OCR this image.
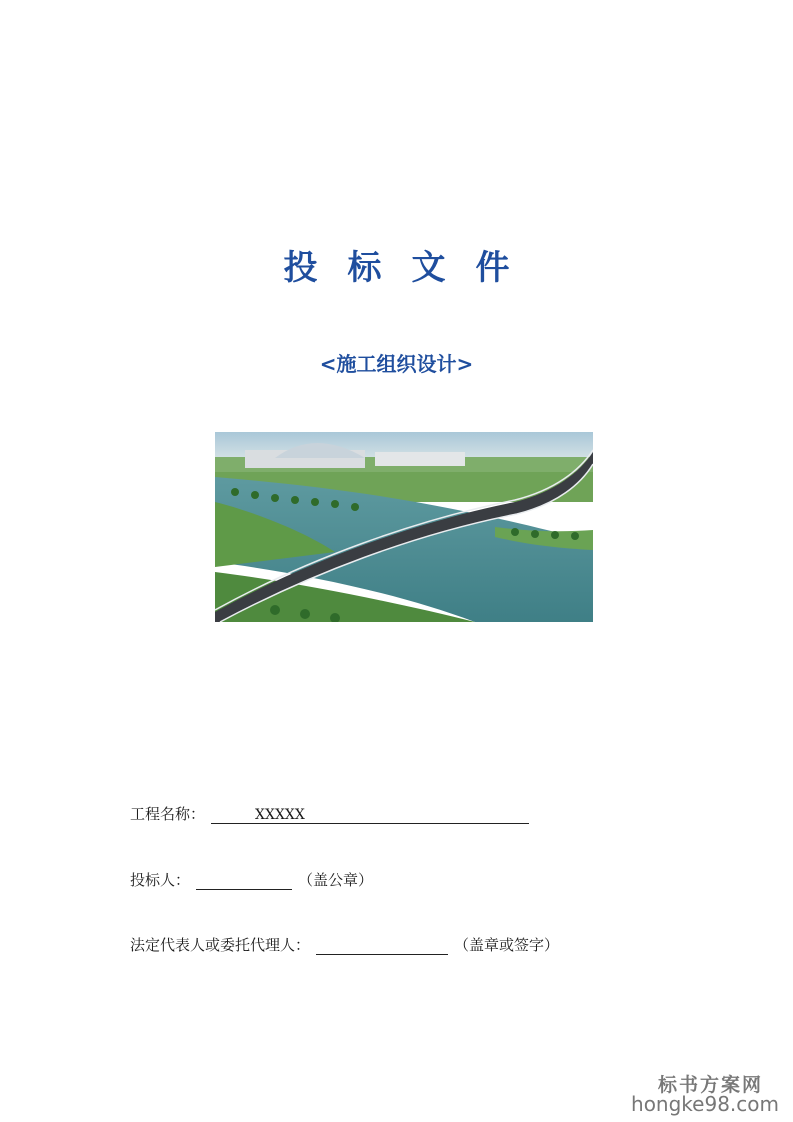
投标文件
<施工组织设计>
工程名称：	XXXXX
投标人：	（盖公章）
法定代表人或委托代理人：	（盖章或签字）
标书方案网
hongke98.com
